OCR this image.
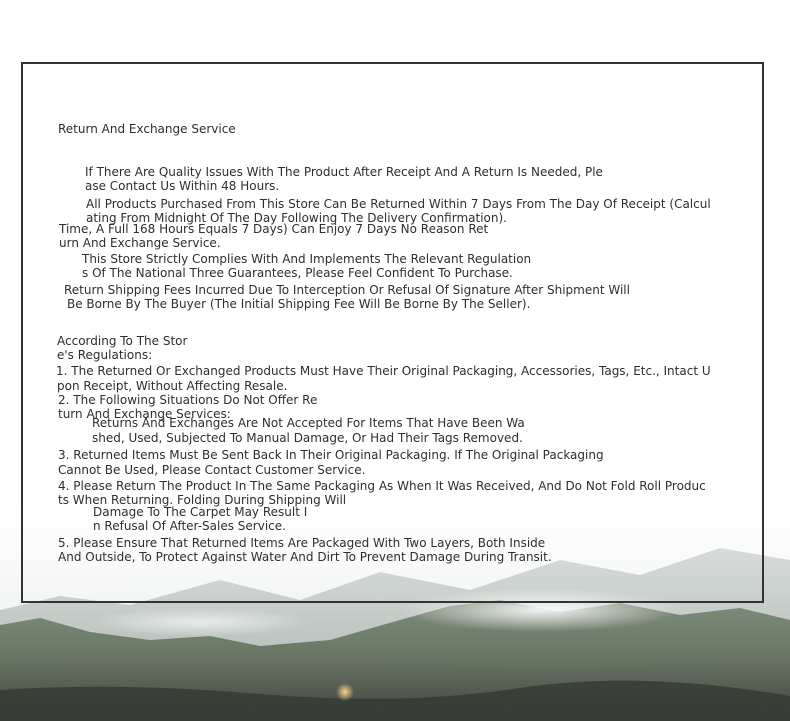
Return And Exchange Service
If There Are Quality Issues With The Product After Receipt And A Return Is Needed, Ple
ase Contact Us Within 48 Hours.
All Products Purchased From This Store Can Be Returned Within 7 Days From The Day Of Receipt (Calcul
ating From Midnight Of The Day Following The Delivery Confirmation).
Time, A Full 168 Hours Equals 7 Days) Can Enjoy 7 Days No Reason Ret
urn And Exchange Service.
This Store Strictly Complies With And Implements The Relevant Regulation
s Of The National Three Guarantees, Please Feel Confident To Purchase.
Return Shipping Fees Incurred Due To Interception Or Refusal Of Signature After Shipment Will
Be Borne By The Buyer (The Initial Shipping Fee Will Be Borne By The Seller).
According To The Stor
e's Regulations:
1. The Returned Or Exchanged Products Must Have Their Original Packaging, Accessories, Tags, Etc., Intact U
pon Receipt, Without Affecting Resale.
2. The Following Situations Do Not Offer Re
turn And Exchange Services:
Returns And Exchanges Are Not Accepted For Items That Have Been Wa
shed, Used, Subjected To Manual Damage, Or Had Their Tags Removed.
3. Returned Items Must Be Sent Back In Their Original Packaging. If The Original Packaging
Cannot Be Used, Please Contact Customer Service.
4. Please Return The Product In The Same Packaging As When It Was Received, And Do Not Fold Roll Produc
ts When Returning. Folding During Shipping Will
Damage To The Carpet May Result I
n Refusal Of After-Sales Service.
5. Please Ensure That Returned Items Are Packaged With Two Layers, Both Inside
And Outside, To Protect Against Water And Dirt To Prevent Damage During Transit.
